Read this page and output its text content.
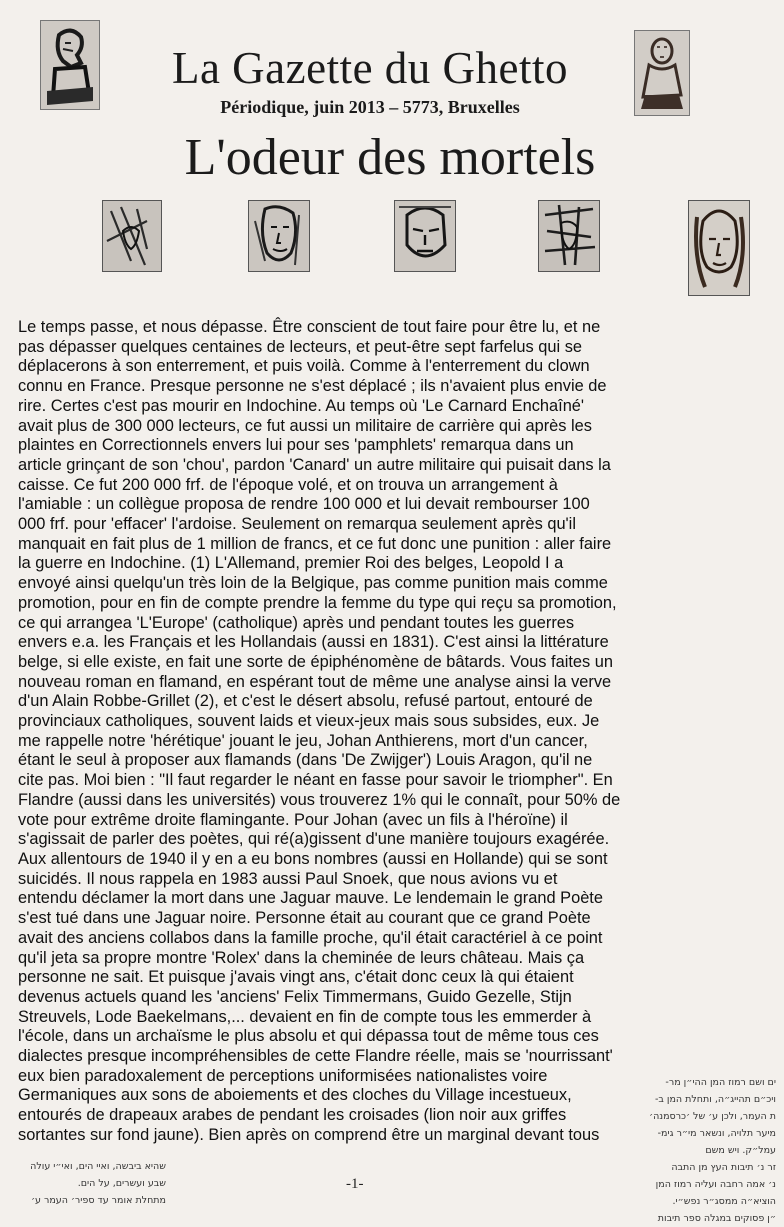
La Gazette du Ghetto
Périodique, juin 2013 – 5773, Bruxelles
L'odeur des mortels
Le temps passe, et nous dépasse. Être conscient de tout faire pour être lu, et ne
pas dépasser quelques centaines de lecteurs, et peut-être sept farfelus qui se
déplacerons à son enterrement, et puis voilà. Comme à l'enterrement du clown
connu en France. Presque personne ne s'est déplacé ; ils n'avaient plus envie de
rire. Certes c'est pas mourir en Indochine. Au temps où 'Le Carnard Enchaîné'
avait plus de 300 000 lecteurs, ce fut aussi un militaire de carrière qui après les
plaintes en Correctionnels envers lui pour ses 'pamphlets' remarqua dans un
article grinçant de son 'chou', pardon 'Canard' un autre militaire qui puisait dans la
caisse. Ce fut 200 000 frf. de l'époque volé, et on trouva un arrangement à
l'amiable : un collègue proposa de rendre 100 000 et lui devait rembourser 100
000 frf. pour 'effacer' l'ardoise. Seulement on remarqua seulement après qu'il
manquait en fait plus de 1 million de francs, et ce fut donc une punition : aller faire
la guerre en Indochine. (1) L'Allemand, premier Roi des belges, Leopold I a
envoyé ainsi quelqu'un très loin de la Belgique, pas comme punition mais comme
promotion, pour en fin de compte prendre la femme du type qui reçu sa promotion,
ce qui arrangea 'L'Europe' (catholique) après und pendant toutes les guerres
envers e.a. les Français et les Hollandais (aussi en 1831). C'est ainsi la littérature
belge, si elle existe, en fait une sorte de épiphénomène de bâtards. Vous faites un
nouveau roman en flamand, en espérant tout de même une analyse ainsi la verve
d'un Alain Robbe-Grillet (2), et c'est le désert absolu, refusé partout, entouré de
provinciaux catholiques, souvent laids et vieux-jeux mais sous subsides, eux. Je
me rappelle notre 'hérétique' jouant le jeu, Johan Anthierens, mort d'un cancer,
étant le seul à proposer aux flamands (dans 'De Zwijger') Louis Aragon, qu'il ne
cite pas. Moi bien : "Il faut regarder le néant en fasse pour savoir le triompher". En
Flandre (aussi dans les universités) vous trouverez 1% qui le connaît, pour 50% de
vote pour extrême droite flamingante. Pour Johan (avec un fils à l'héroïne) il
s'agissait de parler des poètes, qui ré(a)gissent d'une manière toujours exagérée.
Aux allentours de 1940 il y en a eu bons nombres (aussi en Hollande) qui se sont
suicidés. Il nous rappela en 1983 aussi Paul Snoek, que nous avions vu et
entendu déclamer la mort dans une Jaguar mauve. Le lendemain le grand Poète
s'est tué dans une Jaguar noire. Personne était au courant que ce grand Poète
avait des anciens collabos dans la famille proche, qu'il était caractériel à ce point
qu'il jeta sa propre montre 'Rolex' dans la cheminée de leurs château. Mais ça
personne ne sait. Et puisque j'avais vingt ans, c'était donc ceux là qui étaient
devenus actuels quand les 'anciens' Felix Timmermans, Guido Gezelle, Stijn
Streuvels, Lode Baekelmans,... devaient en fin de compte tous les emmerder à
l'école, dans un archaïsme le plus absolu et qui dépassa tout de même tous ces
dialectes presque incompréhensibles de cette Flandre réelle, mais se 'nourrissant'
eux bien paradoxalement de perceptions uniformisées nationalistes voire
Germaniques aux sons de aboiements et des cloches du Village incestueux,
entourés de drapeaux arabes de pendant les croisades (lion noir aux griffes
sortantes sur fond jaune). Bien après on comprend être un marginal devant tous
ים ושם רמוז המן ההי״ן מר-
ויכ״ם תהייג״ה, ותחלת המן ב-
ת העמר, ולכן ע׳ של ׳כרסמנה׳
מיער תלויה, ונשאר מי״ר גימ-
עמל״ק. ויש משם
זר נ׳ תיבות העץ מן התבה
נ׳ אמה רחבה ועליה רמוז המן
הוציא״ה ממסג״ר נפש״י.
״ן פסוקים במגלה ספר תיבות
שהיא ביבשה, ואיי הים, ואי״י עולה
שבע ועשרים, על הים.
מתחלת אומר עד ספיר׳ העמר ע׳
-1-
